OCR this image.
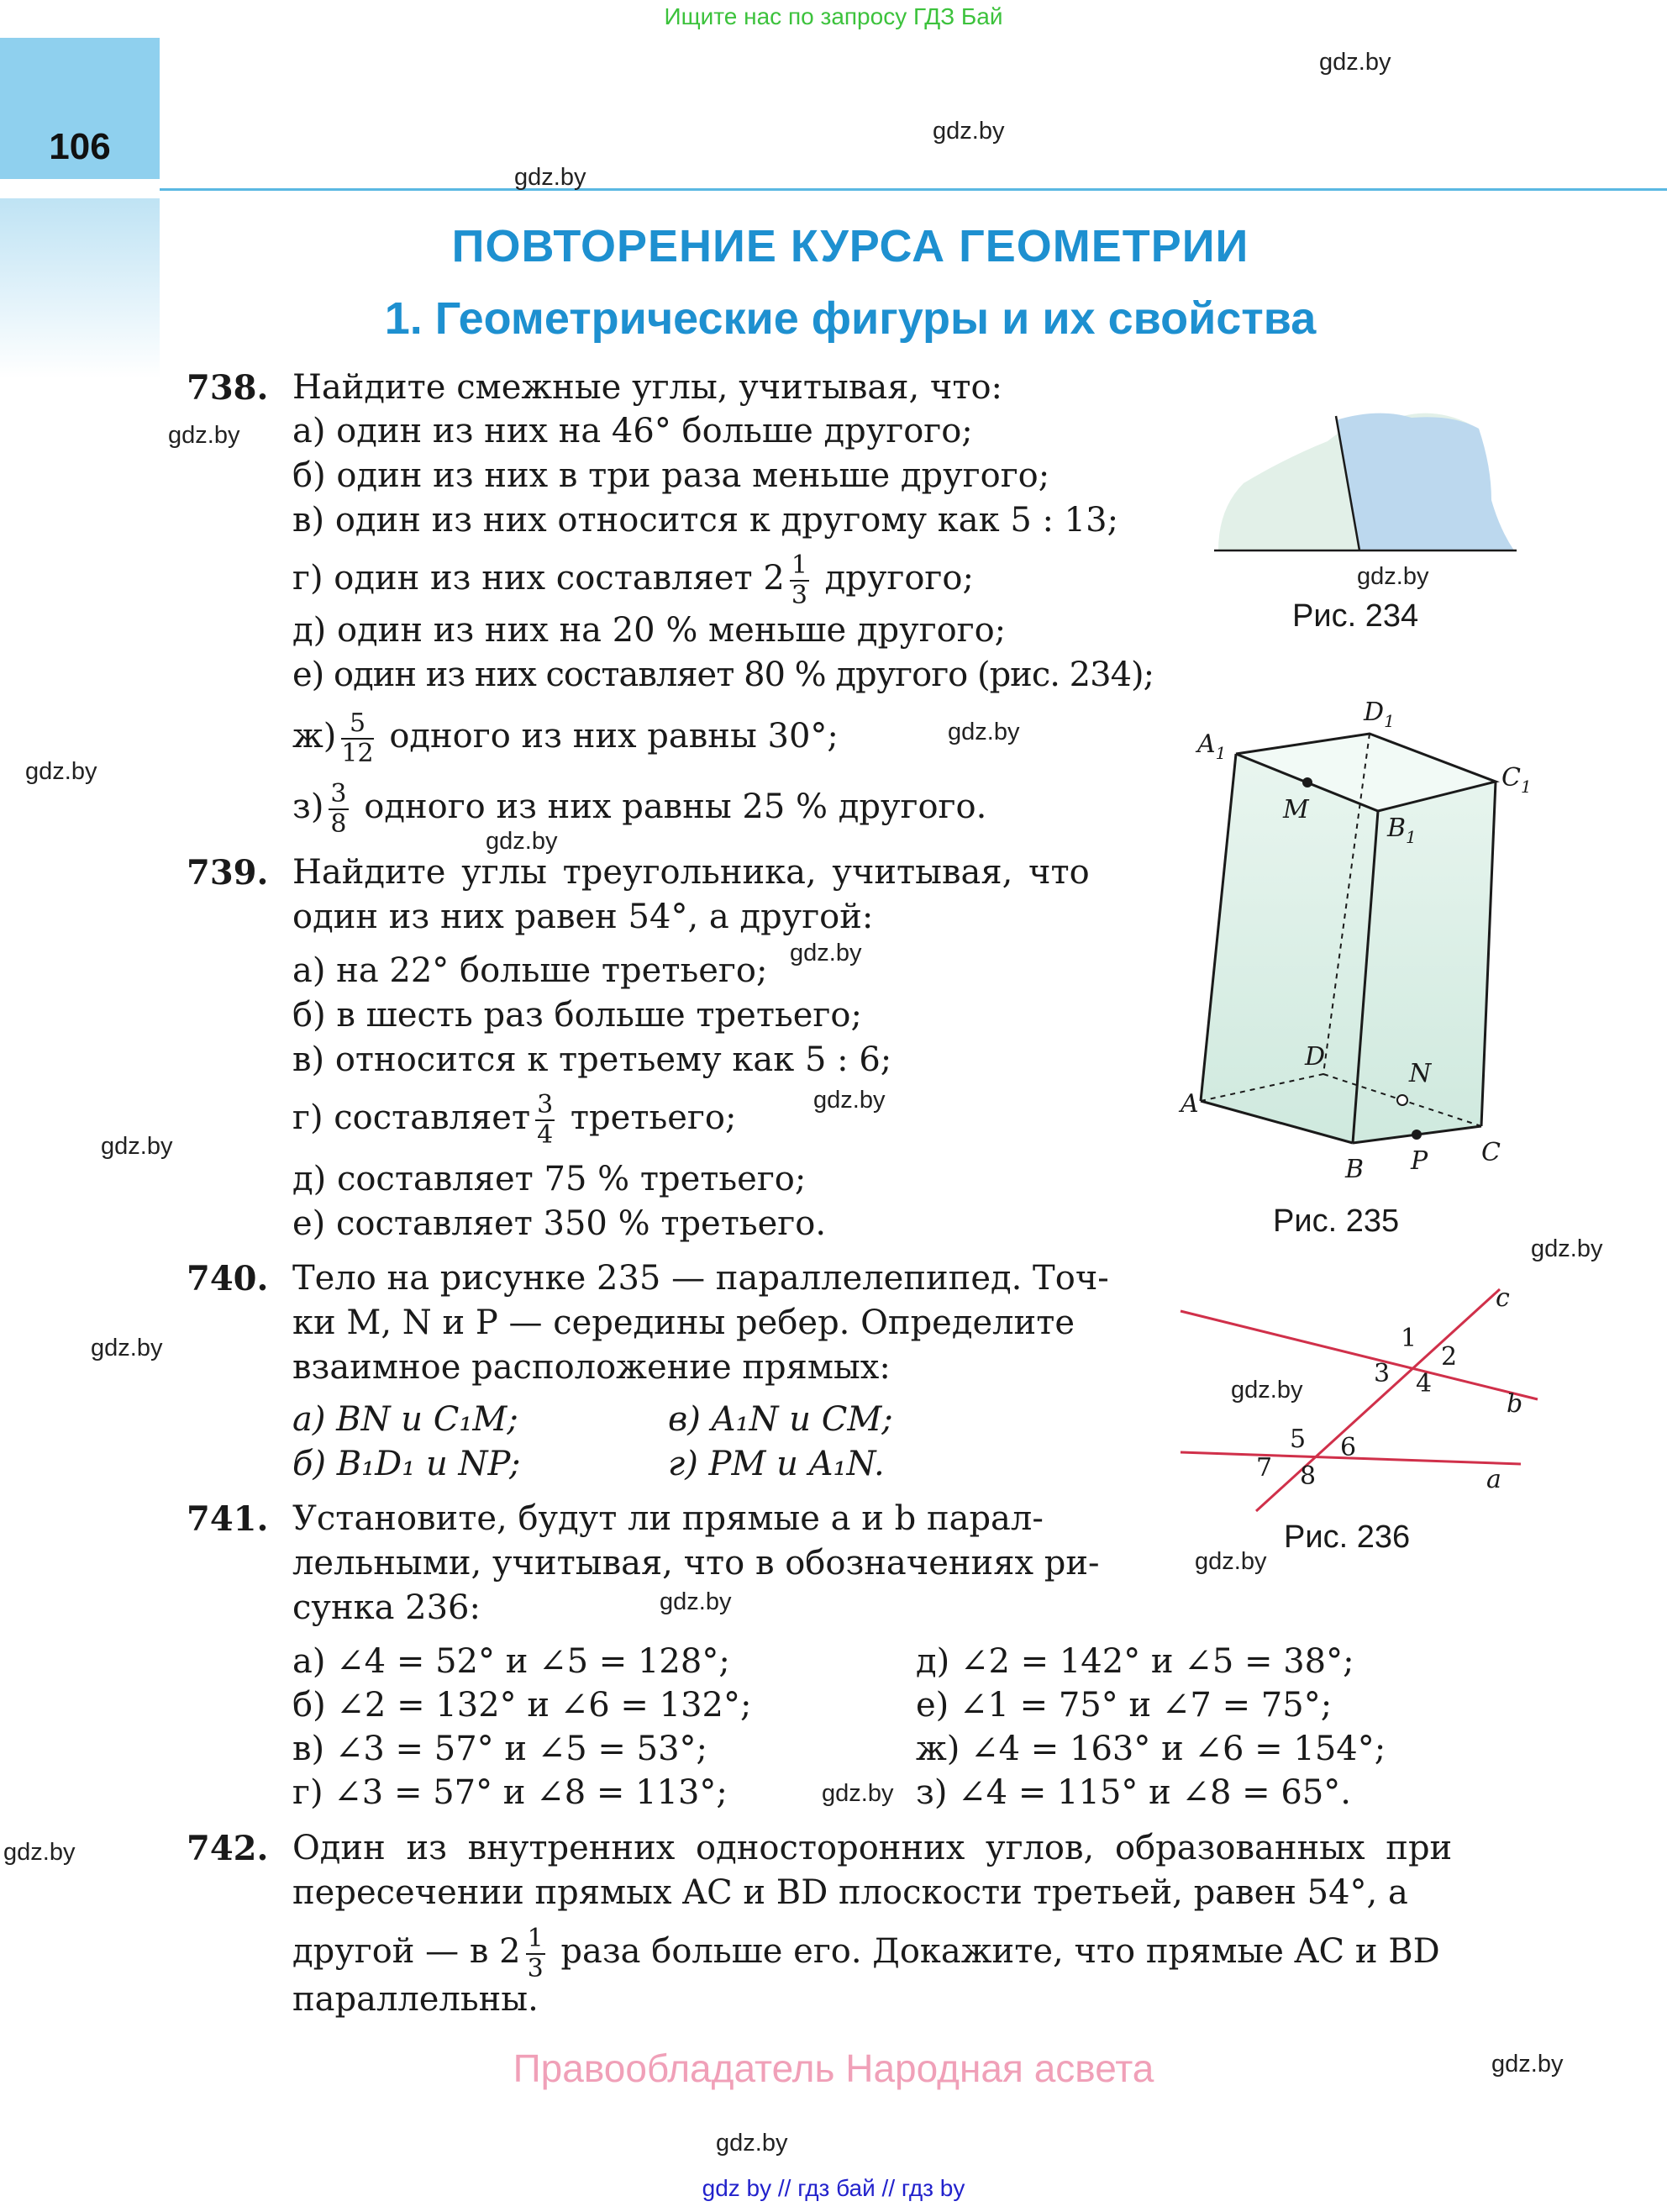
Ищите нас по запросу ГДЗ Бай
106
gdz.by
gdz.by
gdz.by
gdz.by
gdz.by
gdz.by
gdz.by
gdz.by
gdz.by
gdz.by
gdz.by
gdz.by
gdz.by
gdz.by
gdz.by
gdz.by
gdz.by
gdz.by
gdz.by
gdz.by
ПОВТОРЕНИЕ КУРСА ГЕОМЕТРИИ
1. Геометрические фигуры и их свойства
738. Найдите смежные углы, учитывая, что:
а) один из них на 46° больше другого;
б) один из них в три раза меньше другого;
в) один из них относится к другому как 5 : 13;
г) один из них составляет $2 \frac{1}{3}$ другого;
д) один из них на 20 % меньше другого;
е) один из них составляет 80 % другого (рис. 234);
$ж) \frac{5}{12}$ одного из них равны 30°;
$з) \frac{3}{8}$ одного из них равны 25 % другого.
739. Найдите углы треугольника, учитывая, что
один из них равен 54°, а другой:
а) на 22° больше третьего;
б) в шесть раз больше третьего;
в) относится к третьему как 5 : 6;
г) составляет $\frac{3}{4}$ третьего;
д) составляет 75 % третьего;
е) составляет 350 % третьего.
740. Тело на рисунке 235 — параллелепипед. Точ-
ки M, N и P — середины ребер. Определите
взаимное расположение прямых:
а) BN и C₁M;	в) A₁N и CM;
б) B₁D₁ и NP;	г) PM и A₁N.
741. Установите, будут ли прямые a и b парал-
лельными, учитывая, что в обозначениях ри-
сунка 236:
а) ∠4 = 52° и ∠5 = 128°;
б) ∠2 = 132° и ∠6 = 132°;
в) ∠3 = 57° и ∠5 = 53°;
г) ∠3 = 57° и ∠8 = 113°;
д) ∠2 = 142° и ∠5 = 38°;
е) ∠1 = 75° и ∠7 = 75°;
ж) ∠4 = 163° и ∠6 = 154°;
з) ∠4 = 115° и ∠8 = 65°.
742. Один из внутренних односторонних углов, образованных при
пересечении прямых AC и BD плоскости третьей, равен 54°, а
другой — в $2 \frac{1}{3}$ раза больше его. Докажите, что прямые AC и BD
параллельны.
Рис. 234
$A_1$
$D_1$
$C_1$
$B_1$
M
D
N
A
B P C
Рис. 235
c
b
a
1
2
3 4
5 6
7 8
Рис. 236
Правообладатель Народная асвета
gdz by // гдз бай // гдз by
